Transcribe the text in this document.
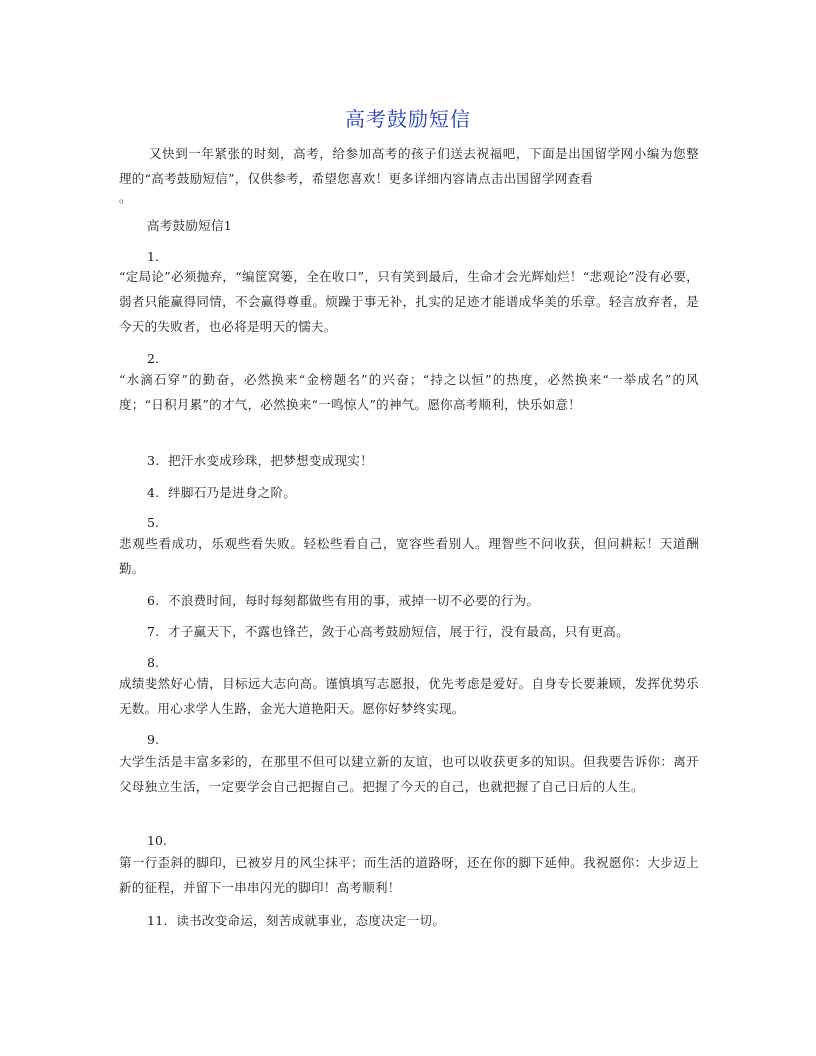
高考鼓励短信
又快到一年紧张的时刻，高考，给参加高考的孩子们送去祝福吧，下面是出国留学网小编为您整理的“高考鼓励短信”，仅供参考，希望您喜欢！更多详细内容请点击出国留学网查看
。
高考鼓励短信1
1.
“定局论”必须抛弃，“编筐窝篓，全在收口”，只有笑到最后，生命才会光辉灿烂！“悲观论”没有必要，弱者只能赢得同情，不会赢得尊重。烦躁于事无补，扎实的足迹才能谱成华美的乐章。轻言放弃者，是今天的失败者，也必将是明天的懦夫。
2.
“水滴石穿”的勤奋，必然换来“金榜题名”的兴奋；“持之以恒”的热度，必然换来“一举成名”的风度；“日积月累”的才气，必然换来“一鸣惊人”的神气。愿你高考顺利，快乐如意！
3. 把汗水变成珍珠，把梦想变成现实！
4. 绊脚石乃是进身之阶。
5.
悲观些看成功，乐观些看失败。轻松些看自己，宽容些看别人。理智些不问收获，但问耕耘！天道酬勤。
6. 不浪费时间，每时每刻都做些有用的事，戒掉一切不必要的行为。
7. 才子赢天下，不露也锋芒，敛于心高考鼓励短信，展于行，没有最高，只有更高。
8.
成绩斐然好心情，目标远大志向高。谨慎填写志愿报，优先考虑是爱好。自身专长要兼顾，发挥优势乐无数。用心求学人生路，金光大道艳阳天。愿你好梦终实现。
9.
大学生活是丰富多彩的，在那里不但可以建立新的友谊，也可以收获更多的知识。但我要告诉你：离开父母独立生活，一定要学会自己把握自己。把握了今天的自己，也就把握了自己日后的人生。
10.
第一行歪斜的脚印，已被岁月的风尘抹平；而生活的道路呀，还在你的脚下延伸。我祝愿你：大步迈上新的征程，并留下一串串闪光的脚印！高考顺利！
11. 读书改变命运，刻苦成就事业，态度决定一切。
